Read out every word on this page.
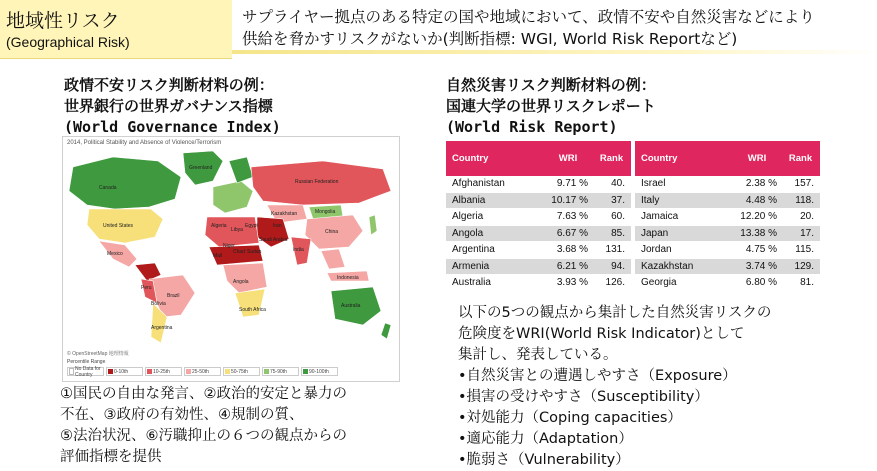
地域性リスク
(Geographical Risk)
サプライヤー拠点のある特定の国や地域において、政情不安や自然災害などにより
供給を脅かすリスクがないか(判断指標: WGI, World Risk Reportなど)
政情不安リスク判断材料の例：
世界銀行の世界ガバナンス指標
(World Governance Index)
2014, Political Stability and Absence of Violence/Terrorism
Canada
United States
Mexico
Brazil
Peru
Bolivia
Argentina
Greenland
Russian Federation
Kazakhstan	Mongolia
China
India
Algeria
Libya
Egypt
Sudan
Chad
Mali
Niger
Angola
South Africa
Australia
Indonesia
Iran
Saudi Arabia
© OpenStreetMap 地理情報
Percentile Range
No Data for Country	0-10th	10-25th	25-50th	50-75th	75-90th	90-100th
①国民の自由な発言、②政治的安定と暴力の
不在、③政府の有効性、④規制の質、
⑤法治状況、⑥汚職抑止の６つの観点からの
評価指標を提供
自然災害リスク判断材料の例：
国連大学の世界リスクレポート
(World Risk Report)
Country	WRI	Rank
Afghanistan	9.71 %	40.
Albania	10.17 %	37.
Algeria	7.63 %	60.
Angola	6.67 %	85.
Argentina	3.68 %	131.
Armenia	6.21 %	94.
Australia	3.93 %	126.
Country	WRI	Rank
Israel	2.38 %	157.
Italy	4.48 %	118.
Jamaica	12.20 %	20.
Japan	13.38 %	17.
Jordan	4.75 %	115.
Kazakhstan	3.74 %	129.
Georgia	6.80 %	81.
以下の5つの観点から集計した自然災害リスクの
危険度をWRI(World Risk Indicator)として
集計し、発表している。
•自然災害との遭遇しやすさ（Exposure）
•損害の受けやすさ（Susceptibility）
•対処能力（Coping capacities）
•適応能力（Adaptation）
•脆弱さ（Vulnerability）
